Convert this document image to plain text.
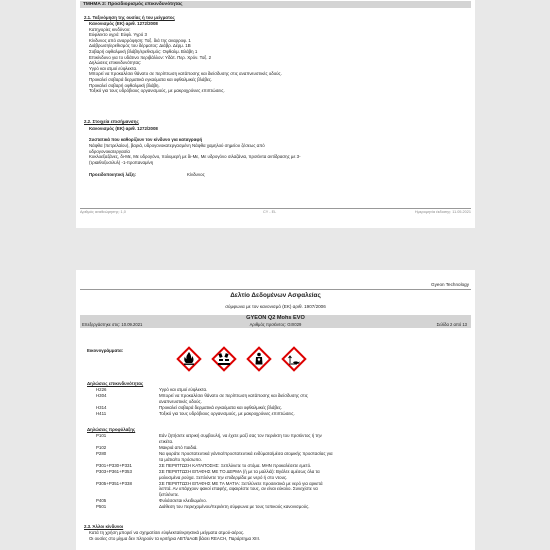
ΤΜΗΜΑ 2: Προσδιορισμός επικινδυνότητας
2.1. Ταξινόμηση της ουσίας ή του μείγματος
Κανονισμός (ΕΚ) αριθ. 1272/2008
Κατηγορίες κινδύνου:
Εύφλεκτο υγρό: Εύφλ. Υγρό 3
Κίνδυνος από αναρρόφηση: Τοξ. διά της αναρροφ. 1
Διάβρωση/ερεθισμός του δέρματος: Διάβρ. Δέρμ. 1B
Σοβαρή οφθαλμική βλάβη/ερεθισμός: Οφθαλμ. Βλάβη 1
Επικίνδυνο για το υδάτινο περιβάλλον: Υδάτ. Περ. Χρόν. Τοξ. 2
Δηλώσεις επικινδυνότητας:
Υγρό και ατμοί εύφλεκτα.
Μπορεί να προκαλέσει θάνατο σε περίπτωση κατάποσης και διείσδυσης στις αναπνευστικές οδούς.
Προκαλεί σοβαρά δερματικά εγκαύματα και οφθαλμικές βλάβες.
Προκαλεί σοβαρή οφθαλμική βλάβη.
Τοξικό για τους υδρόβιους οργανισμούς, με μακροχρόνιες επιπτώσεις.
2.2. Στοιχεία επισήμανσης
Κανονισμός (ΕΚ) αριθ. 1272/2008
Συστατικά που καθορίζουν τον κίνδυνο για καταγραφή
Νάφθα (πετρελαίου), βαριά, υδρογονοκατεργασμένη Νάφθα χαμηλού σημείου ζέσεως από
υδρογονοκατεργασία
Κυκλοεξαζάνες, δι-Με, Με υδρογόνο, πολυμερή με δι-Με, Με υδρογόνο σιλαζάνια, προϊόντα αντίδρασης με 3-
(τριαιθοξυσιλυλ) -1-προπαναμίνη
Προειδοποιητική λέξη:	Κίνδυνος
Αριθμός αναθεώρησης: 1,0	CY - EL	Ημερομηνία έκδοσης: 11.05.2021
Gyeon Technology
Δελτίο Δεδομένων Ασφαλείας
σύμφωνα με τον κανονισμό (ΕΚ) αριθ. 1907/2006
GYEON Q2 Mohs EVO
Επεξεργάστηκε στις: 10.09.2021	Αριθμός προϊόντος: GIX029	Σελίδα 2 από 13
Εικονογράμματα:
Δηλώσεις επικινδυνότητας
H226	Υγρό και ατμοί εύφλεκτα.
H304	Μπορεί να προκαλέσει θάνατο σε περίπτωση κατάποσης και διείσδυσης στις
αναπνευστικές οδούς.
H314	Προκαλεί σοβαρά δερματικά εγκαύματα και οφθαλμικές βλάβες.
H411	Τοξικό για τους υδρόβιους οργανισμούς, με μακροχρόνιες επιπτώσεις.
Δηλώσεις προφύλαξης
P101	Εάν ζητήσετε ιατρική συμβουλή, να έχετε μαζί σας τον περιέκτη του προϊόντος ή την
ετικέτα.
P102	Μακριά από παιδιά.
P280	Να φοράτε προστατευτικά γάντια/προστατευτικά ενδύματα/μέσα ατομικής προστασίας για
τα μάτια/το πρόσωπο.
P301+P330+P331	ΣΕ ΠΕΡΙΠΤΩΣΗ ΚΑΤΑΠΟΣΗΣ: Ξεπλύνετε το στόμα. ΜΗΝ προκαλέσετε εμετό.
P303+P361+P353	ΣΕ ΠΕΡΙΠΤΩΣΗ ΕΠΑΦΗΣ ΜΕ ΤΟ ΔΕΡΜΑ (ή με τα μαλλιά): Βγάλτε αμέσως όλα τα
μολυσμένα ρούχα. Ξεπλύνετε την επιδερμίδα με νερό ή στο ντους.
P305+P351+P338	ΣΕ ΠΕΡΙΠΤΩΣΗ ΕΠΑΦΗΣ ΜΕ ΤΑ ΜΑΤΙΑ: Ξεπλύνετε προσεκτικά με νερό για αρκετά
λεπτά. Αν υπάρχουν φακοί επαφής, αφαιρέστε τους, αν είναι εύκολο. Συνεχίστε να
ξεπλένετε.
P405	Φυλάσσεται κλειδωμένο.
P501	Διάθεση του περιεχομένου/περιέκτη σύμφωνα με τους τοπικούς κανονισμούς.
2.3. Άλλοι κίνδυνοι
Κατά τη χρήση μπορεί να σχηματίσει εύφλεκτα/εκρηκτικά μείγματα ατμού-αέρος.
Οι ουσίες στο μίγμα δεν πληρούν τα κριτήρια ΑΒΤ/αΑαΒ βάσει REACH, Παράρτημα XIII.
